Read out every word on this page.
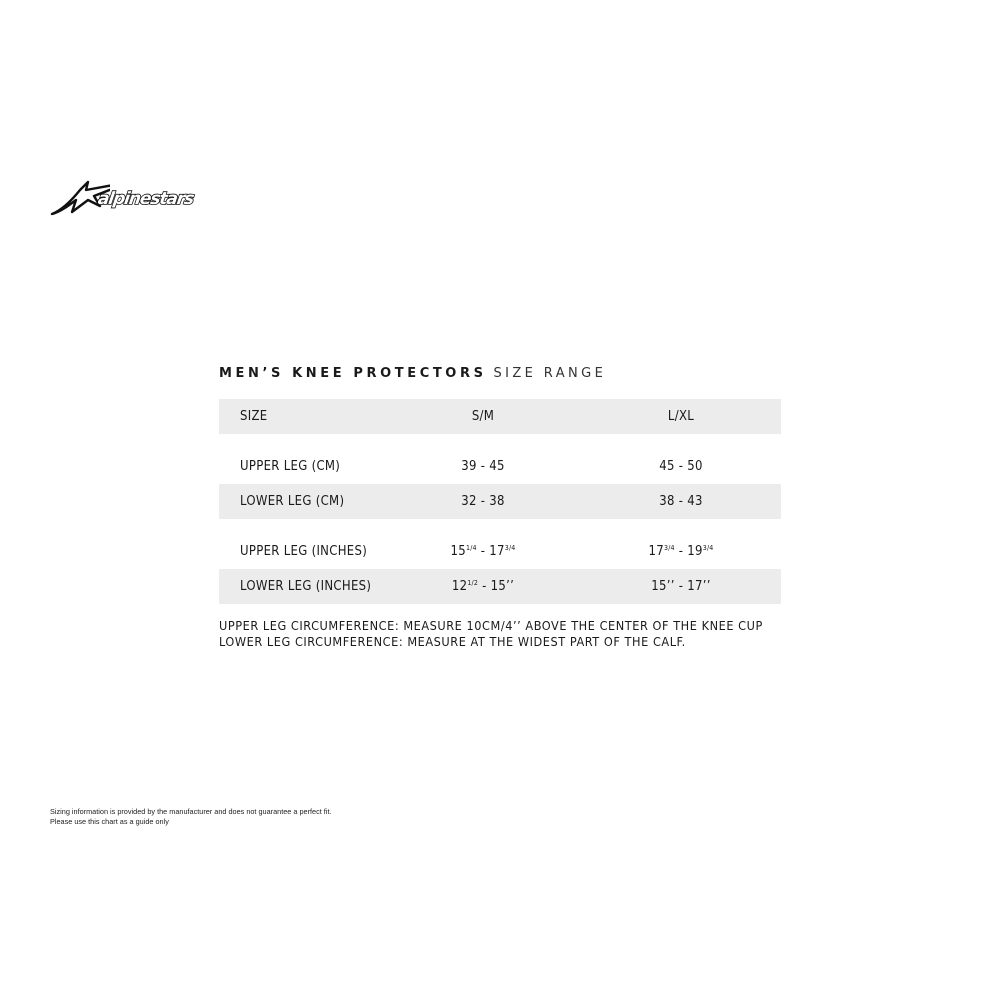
alpinestars
MEN’S KNEE PROTECTORS SIZE RANGE
SIZE	S/M	L/XL
UPPER LEG (CM)	39 - 45	45 - 50
LOWER LEG (CM)	32 - 38	38 - 43
UPPER LEG (INCHES)	$15^{1/4} - 17^{3/4}$	$17^{3/4} - 19^{3/4}$
LOWER LEG (INCHES)	$12^{1/2} - 15$’’	15’’ - 17’’
UPPER LEG CIRCUMFERENCE: MEASURE 10CM/4’’ ABOVE THE CENTER OF THE KNEE CUP LOWER LEG CIRCUMFERENCE: MEASURE AT THE WIDEST PART OF THE CALF.
Sizing information is provided by the manufacturer and does not guarantee a perfect fit.
Please use this chart as a guide only
